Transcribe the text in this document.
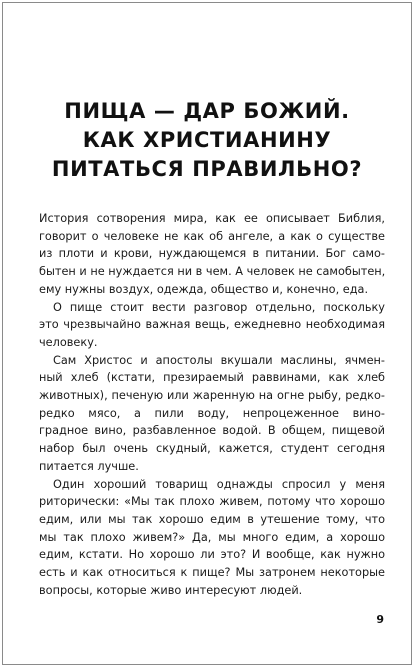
ПИЩА — ДАР БОЖИЙ.
КАК ХРИСТИАНИНУ
ПИТАТЬСЯ ПРАВИЛЬНО?

История сотворения мира, как ее описывает Библия,
говорит о человеке не как об ангеле, а как о существе
из плоти и крови, нуждающемся в питании. Бог само-
бытен и не нуждается ни в чем. А человек не самобытен,
ему нужны воздух, одежда, общество и, конечно, еда.

О пище стоит вести разговор отдельно, поскольку
это чрезвычайно важная вещь, ежедневно необходимая
человеку.

Сам Христос и апостолы вкушали маслины, ячмен-
ный хлеб (кстати, презираемый раввинами, как хлеб
животных), печеную или жаренную на огне рыбу, редко-
редко мясо, а пили воду, непроцеженное вино-
градное вино, разбавленное водой. В общем, пищевой
набор был очень скудный, кажется, студент сегодня
питается лучше.

Один хороший товарищ однажды спросил у меня
риторически: «Мы так плохо живем, потому что хорошо
едим, или мы так хорошо едим в утешение тому, что
мы так плохо живем?» Да, мы много едим, а хорошо
едим, кстати. Но хорошо ли это? И вообще, как нужно
есть и как относиться к пище? Мы затронем некоторые
вопросы, которые живо интересуют людей.

9
